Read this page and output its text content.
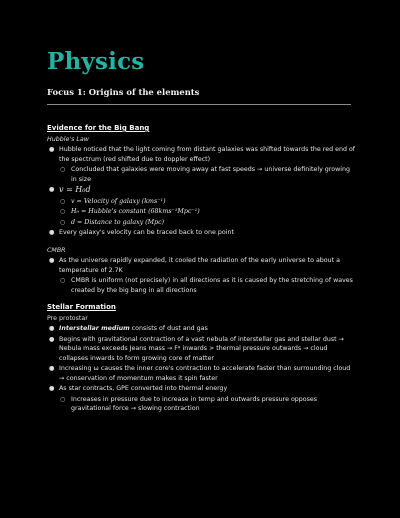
Physics
Focus 1: Origins of the elements
Evidence for the Big Bang
Hubble's Law
● Hubble noticed that the light coming from distant galaxies was shifted towards the red end of the spectrum (red shifted due to doppler effect)
○ Concluded that galaxies were moving away at fast speeds → universe definitely growing in size
● v = H₀d
○ v = Velocity of galaxy (kms⁻¹)
○ H₀ = Hubble's constant (68kms⁻¹Mpc⁻¹)
○ d = Distance to galaxy (Mpc)
● Every galaxy's velocity can be traced back to one point
CMBR
● As the universe rapidly expanded, it cooled the radiation of the early universe to about a temperature of 2.7K
○ CMBR is uniform (not precisely) in all directions as it is caused by the stretching of waves created by the big bang in all directions
Stellar Formation
Pre protostar
● Interstellar medium consists of dust and gas
● Begins with gravitational contraction of a vast nebula of interstellar gas and stellar dust → Nebula mass exceeds Jeans mass → Fᵍ inwards > thermal pressure outwards → cloud collapses inwards to form growing core of matter
● Increasing ω causes the inner core's contraction to accelerate faster than surrounding cloud → conservation of momentum makes it spin faster
● As star contracts, GPE converted into thermal energy
○ Increases in pressure due to increase in temp and outwards pressure opposes gravitational force → slowing contraction
